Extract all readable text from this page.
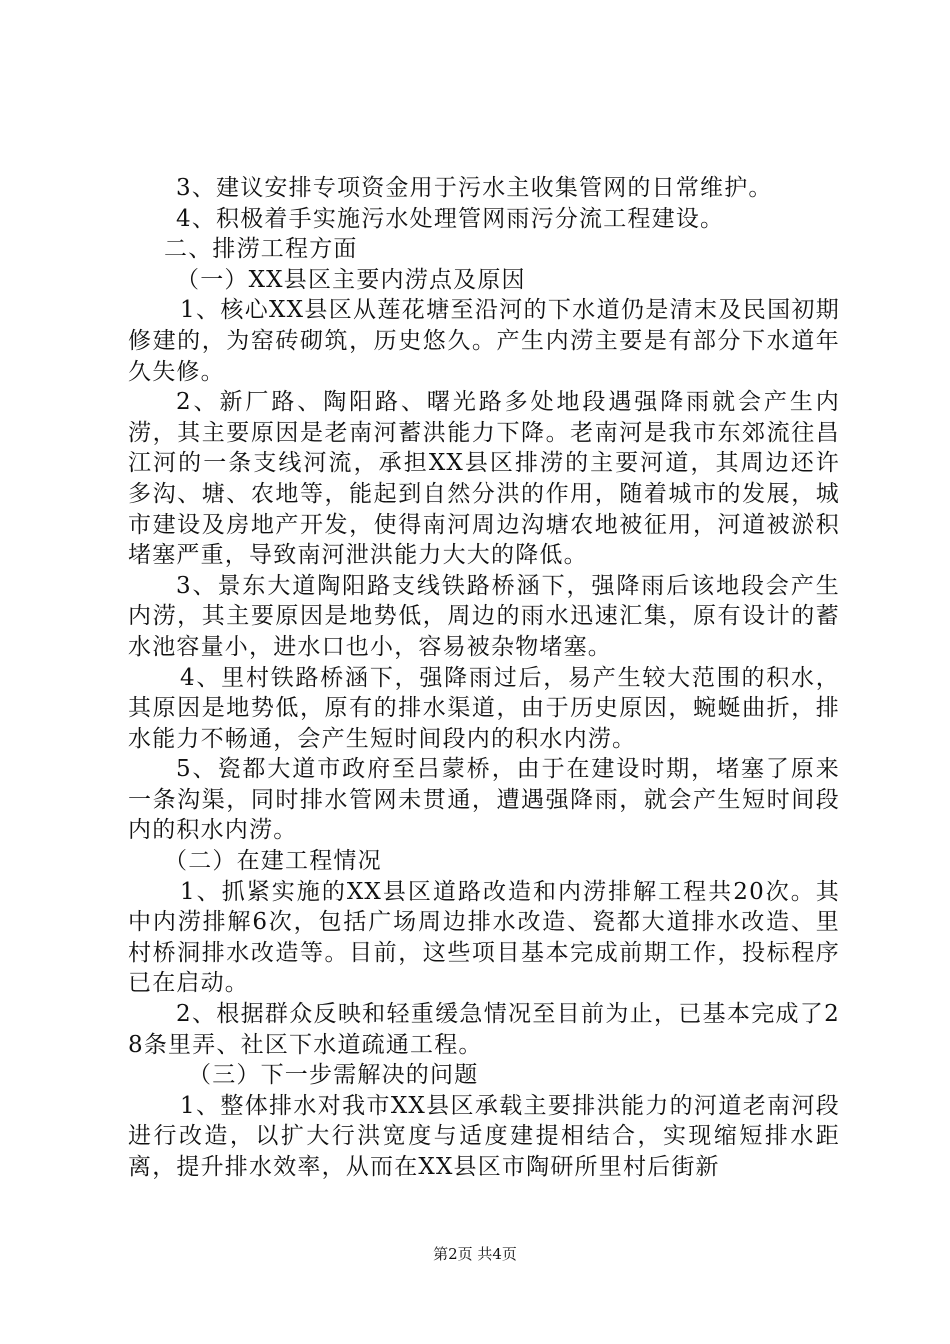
3、建议安排专项资金用于污水主收集管网的日常维护。

4、积极着手实施污水处理管网雨污分流工程建设。

二、排涝工程方面

（一）XX县区主要内涝点及原因

1、核心XX县区从莲花塘至沿河的下水道仍是清末及民国初期修建的，为窑砖砌筑，历史悠久。产生内涝主要是有部分下水道年久失修。

2、新厂路、陶阳路、曙光路多处地段遇强降雨就会产生内涝，其主要原因是老南河蓄洪能力下降。老南河是我市东郊流往昌江河的一条支线河流，承担XX县区排涝的主要河道，其周边还许多沟、塘、农地等，能起到自然分洪的作用，随着城市的发展，城市建设及房地产开发，使得南河周边沟塘农地被征用，河道被淤积堵塞严重，导致南河泄洪能力大大的降低。

3、景东大道陶阳路支线铁路桥涵下，强降雨后该地段会产生内涝，其主要原因是地势低，周边的雨水迅速汇集，原有设计的蓄水池容量小，进水口也小，容易被杂物堵塞。

4、里村铁路桥涵下，强降雨过后，易产生较大范围的积水，其原因是地势低，原有的排水渠道，由于历史原因，蜿蜒曲折，排水能力不畅通，会产生短时间段内的积水内涝。

5、瓷都大道市政府至吕蒙桥，由于在建设时期，堵塞了原来一条沟渠，同时排水管网未贯通，遭遇强降雨，就会产生短时间段内的积水内涝。

（二）在建工程情况

1、抓紧实施的XX县区道路改造和内涝排解工程共20次。其中内涝排解6次，包括广场周边排水改造、瓷都大道排水改造、里村桥洞排水改造等。目前，这些项目基本完成前期工作，投标程序已在启动。

2、根据群众反映和轻重缓急情况至目前为止，已基本完成了28条里弄、社区下水道疏通工程。

（三）下一步需解决的问题

1、整体排水对我市XX县区承载主要排洪能力的河道老南河段进行改造，以扩大行洪宽度与适度建提相结合，实现缩短排水距离，提升排水效率，从而在XX县区市陶研所里村后街新

第2页 共4页
